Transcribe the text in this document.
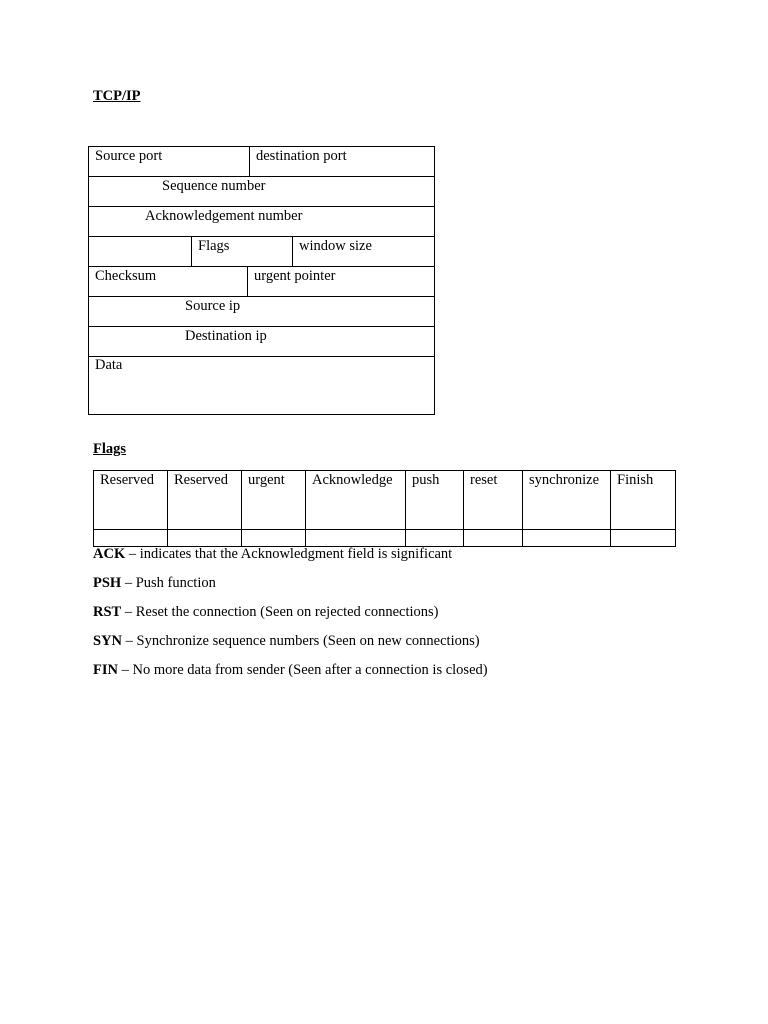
TCP/IP
Source port			destination port	
Sequence number				
Acknowledgement number				
	Flags			window size
Checksum		urgent pointer		
Source ip				
Destination ip				
Data				
Flags
Reserved	Reserved	urgent	Acknowledge	push	reset	synchronize	Finish

ACK – indicates that the Acknowledgment field is significant
PSH – Push function
RST – Reset the connection (Seen on rejected connections)
SYN – Synchronize sequence numbers (Seen on new connections)
FIN – No more data from sender (Seen after a connection is closed)
